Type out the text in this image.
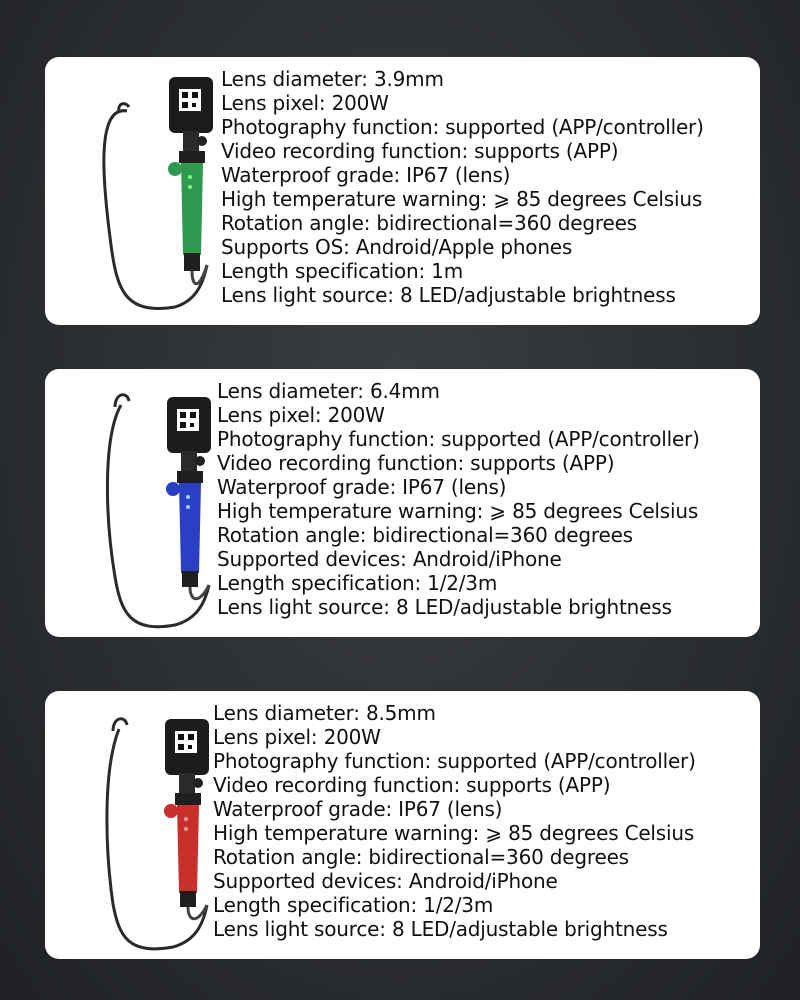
Lens diameter: 3.9mm
Lens pixel: 200W
Photography function: supported (APP/controller)
Video recording function: supports (APP)
Waterproof grade: IP67 (lens)
High temperature warning: ⩾ 85 degrees Celsius
Rotation angle: bidirectional=360 degrees
Supports OS: Android/Apple phones
Length specification: 1m
Lens light source: 8 LED/adjustable brightness
Lens diameter: 6.4mm
Lens pixel: 200W
Photography function: supported (APP/controller)
Video recording function: supports (APP)
Waterproof grade: IP67 (lens)
High temperature warning: ⩾ 85 degrees Celsius
Rotation angle: bidirectional=360 degrees
Supported devices: Android/iPhone
Length specification: 1/2/3m
Lens light source: 8 LED/adjustable brightness
Lens diameter: 8.5mm
Lens pixel: 200W
Photography function: supported (APP/controller)
Video recording function: supports (APP)
Waterproof grade: IP67 (lens)
High temperature warning: ⩾ 85 degrees Celsius
Rotation angle: bidirectional=360 degrees
Supported devices: Android/iPhone
Length specification: 1/2/3m
Lens light source: 8 LED/adjustable brightness
